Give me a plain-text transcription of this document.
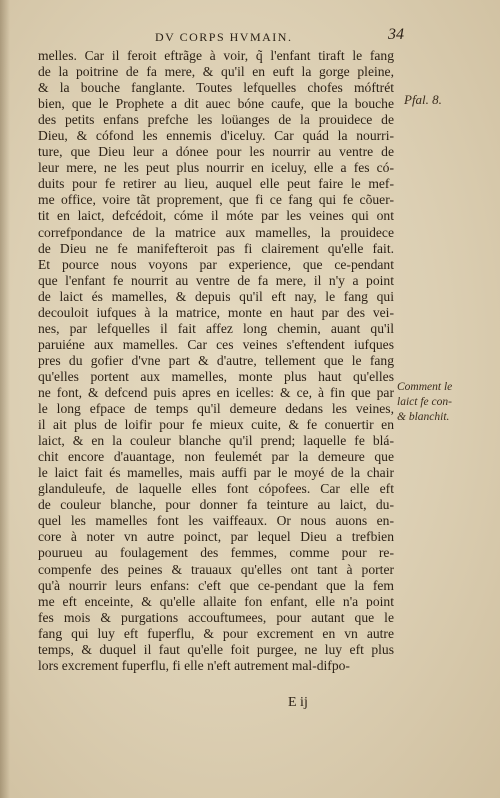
DV CORPS HVMAIN.	34
melles. Car il feroit eftrãge à voir, q̃ l'enfant tiraft le fang
de la poitrine de fa mere, & qu'il en euft la gorge pleine,
& la bouche fanglante. Toutes lefquelles chofes móftrét
bien, que le Prophete a dit auec bóne caufe, que la bouche
des petits enfans prefche les loüanges de la prouidece de
Dieu, & cófond les ennemis d'iceluy. Car quád la nourri-
ture, que Dieu leur a dónee pour les nourrir au ventre de
leur mere, ne les peut plus nourrir en iceluy, elle a fes có-
duits pour fe retirer au lieu, auquel elle peut faire le mef-
me office, voire tãt proprement, que fi ce fang qui fe cõuer-
tit en laict, defcédoit, cóme il móte par les veines qui ont
correfpondance de la matrice aux mamelles, la prouidece
de Dieu ne fe manifefteroit pas fi clairement qu'elle fait.
Et pource nous voyons par experience, que ce-pendant
que l'enfant fe nourrit au ventre de fa mere, il n'y a point
de laict és mamelles, & depuis qu'il eft nay, le fang qui
decouloit iufques à la matrice, monte en haut par des vei-
nes, par lefquelles il fait affez long chemin, auant qu'il
paruiéne aux mamelles. Car ces veines s'eftendent iufques
pres du gofier d'vne part & d'autre, tellement que le fang
qu'elles portent aux mamelles, monte plus haut qu'elles
ne font, & defcend puis apres en icelles: & ce, à fin que par
le long efpace de temps qu'il demeure dedans les veines,
il ait plus de loifir pour fe mieux cuite, & fe conuertir en
laict, & en la couleur blanche qu'il prend; laquelle fe blá-
chit encore d'auantage, non feulemét par la demeure que
le laict fait és mamelles, mais auffi par le moyé de la chair
glanduleufe, de laquelle elles font cópofees. Car elle eft
de couleur blanche, pour donner fa teinture au laict, du-
quel les mamelles font les vaiffeaux. Or nous auons en-
core à noter vn autre poinct, par lequel Dieu a trefbien
pourueu au foulagement des femmes, comme pour re-
compenfe des peines & trauaux qu'elles ont tant à porter
qu'à nourrir leurs enfans: c'eft que ce-pendant que la fem
me eft enceinte, & qu'elle allaite fon enfant, elle n'a point
fes mois & purgations accouftumees, pour autant que le
fang qui luy eft fuperflu, & pour excrement en vn autre
temps, & duquel il faut qu'elle foit purgee, ne luy eft plus
lors excrement fuperflu, fi elle n'eft autrement mal-difpo-
Pfal. 8.
Comment le
laict fe con-
& blanchit.
E ij
